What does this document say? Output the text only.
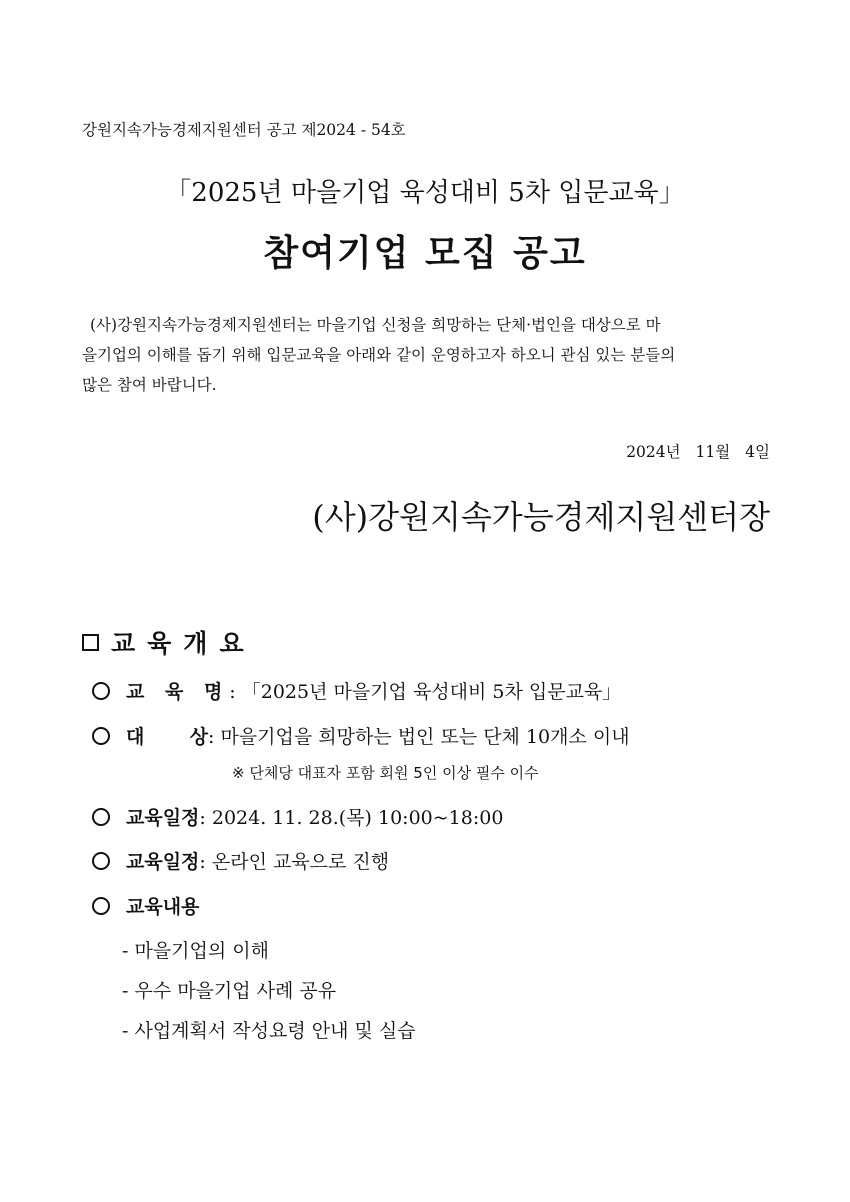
강원지속가능경제지원센터 공고 제2024 - 54호
「2025년 마을기업 육성대비 5차 입문교육」
참여기업 모집 공고

(사)강원지속가능경제지원센터는 마을기업 신청을 희망하는 단체·법인을 대상으로 마

을기업의 이해를 돕기 위해 입문교육을 아래와 같이 운영하고자 하오니 관심 있는 분들의

많은 참여 바랍니다.

2024년 11월 4일
(사)강원지속가능경제지원센터장
교육개요
교 육 명 : 「2025년 마을기업 육성대비 5차 입문교육」
대 상 : 마을기업을 희망하는 법인 또는 단체 10개소 이내
※ 단체당 대표자 포함 회원 5인 이상 필수 이수
교육일정 : 2024. 11. 28.(목) 10:00~18:00
교육일정 : 온라인 교육으로 진행
교육내용
- 마을기업의 이해
- 우수 마을기업 사례 공유
- 사업계획서 작성요령 안내 및 실습
